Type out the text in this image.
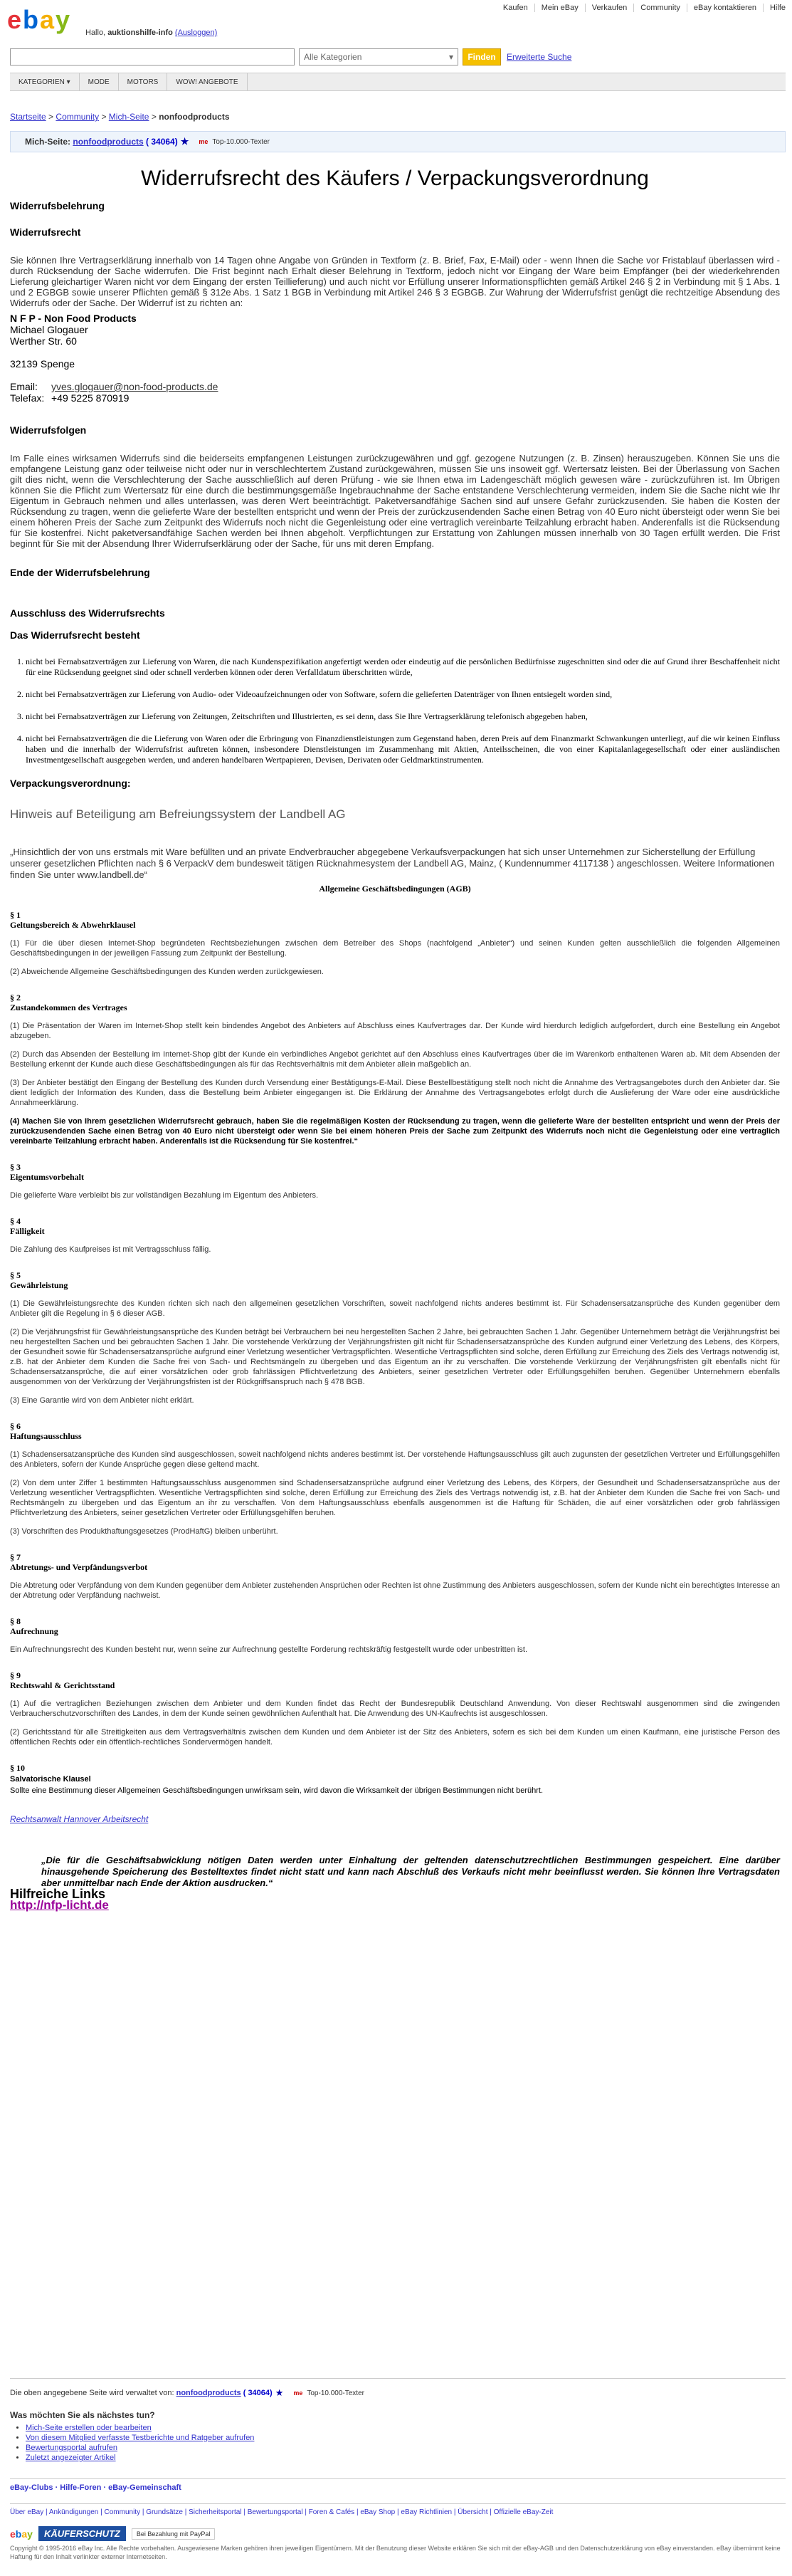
Kaufen	Mein eBay	Verkaufen	Community	eBay kontaktieren	Hilfe
e b a y Hallo, auktionshilfe-info (Ausloggen)
Alle Kategorien	▾	Finden	Erweiterte Suche
KATEGORIEN
▾	MODE	MOTORS	WOW! ANGEBOTE
Startseite > Community > Mich-Seite > nonfoodproducts
Mich-Seite:
nonfoodproducts
( 34064 ) ★ me Top-10.000-Texter
Widerrufsrecht des Käufers / Verpackungsverordnung
Widerrufsbelehrung
Widerrufsrecht

Sie können Ihre Vertragserklärung innerhalb von 14 Tagen ohne Angabe von Gründen in Textform (z. B. Brief, Fax, E-Mail) oder - wenn Ihnen die Sache vor Fristablauf überlassen wird - durch Rücksendung der Sache widerrufen. Die Frist beginnt nach Erhalt dieser Belehrung in Textform, jedoch nicht vor Eingang der Ware beim Empfänger (bei der wiederkehrenden Lieferung gleichartiger Waren nicht vor dem Eingang der ersten Teillieferung) und auch nicht vor Erfüllung unserer Informationspflichten gemäß Artikel 246 § 2 in Verbindung mit § 1 Abs. 1 und 2 EGBGB sowie unserer Pflichten gemäß § 312e Abs. 1 Satz 1 BGB in Verbindung mit Artikel 246 § 3 EGBGB. Zur Wahrung der Widerrufsfrist genügt die rechtzeitige Absendung des Widerrufs oder der Sache. Der Widerruf ist zu richten an:

N F P - Non Food Products
Michael Glogauer
Werther Str. 60

32139 Spenge

Email: yves.glogauer@non-food-products.de
Telefax: +49 5225 870919
Widerrufsfolgen

Im Falle eines wirksamen Widerrufs sind die beiderseits empfangenen Leistungen zurückzugewähren und ggf. gezogene Nutzungen (z. B. Zinsen) herauszugeben. Können Sie uns die empfangene Leistung ganz oder teilweise nicht oder nur in verschlechtertem Zustand zurückgewähren, müssen Sie uns insoweit ggf. Wertersatz leisten. Bei der Überlassung von Sachen gilt dies nicht, wenn die Verschlechterung der Sache ausschließlich auf deren Prüfung - wie sie Ihnen etwa im Ladengeschäft möglich gewesen wäre - zurückzuführen ist. Im Übrigen können Sie die Pflicht zum Wertersatz für eine durch die bestimmungsgemäße Ingebrauchnahme der Sache entstandene Verschlechterung vermeiden, indem Sie die Sache nicht wie Ihr Eigentum in Gebrauch nehmen und alles unterlassen, was deren Wert beeinträchtigt. Paketversandfähige Sachen sind auf unsere Gefahr zurückzusenden. Sie haben die Kosten der Rücksendung zu tragen, wenn die gelieferte Ware der bestellten entspricht und wenn der Preis der zurückzusendenden Sache einen Betrag von 40 Euro nicht übersteigt oder wenn Sie bei einem höheren Preis der Sache zum Zeitpunkt des Widerrufs noch nicht die Gegenleistung oder eine vertraglich vereinbarte Teilzahlung erbracht haben. Anderenfalls ist die Rücksendung für Sie kostenfrei. Nicht paketversandfähige Sachen werden bei Ihnen abgeholt. Verpflichtungen zur Erstattung von Zahlungen müssen innerhalb von 30 Tagen erfüllt werden. Die Frist beginnt für Sie mit der Absendung Ihrer Widerrufserklärung oder der Sache, für uns mit deren Empfang.

Ende der Widerrufsbelehrung
Ausschluss des Widerrufsrechts
Das Widerrufsrecht besteht
1. nicht bei Fernabsatzverträgen zur Lieferung von Waren, die nach Kundenspezifikation angefertigt werden oder eindeutig auf die persönlichen Bedürfnisse zugeschnitten sind oder die auf Grund ihrer Beschaffenheit nicht für eine Rücksendung geeignet sind oder schnell verderben können oder deren Verfalldatum überschritten würde,
2. nicht bei Fernabsatzverträgen zur Lieferung von Audio- oder Videoaufzeichnungen oder von Software, sofern die gelieferten Datenträger von Ihnen entsiegelt worden sind,
3. nicht bei Fernabsatzverträgen zur Lieferung von Zeitungen, Zeitschriften und Illustrierten, es sei denn, dass Sie Ihre Vertragserklärung telefonisch abgegeben haben,
4. nicht bei Fernabsatzverträgen die die Lieferung von Waren oder die Erbringung von Finanzdienstleistungen zum Gegenstand haben, deren Preis auf dem Finanzmarkt Schwankungen unterliegt, auf die wir keinen Einfluss haben und die innerhalb der Widerrufsfrist auftreten können, insbesondere Dienstleistungen im Zusammenhang mit Aktien, Anteilsscheinen, die von einer Kapitalanlagegesellschaft oder einer ausländischen Investmentgesellschaft ausgegeben werden, und anderen handelbaren Wertpapieren, Devisen, Derivaten oder Geldmarktinstrumenten.
Verpackungsverordnung:
Hinweis auf Beteiligung am Befreiungssystem der Landbell AG

„Hinsichtlich der von uns erstmals mit Ware befüllten und an private Endverbraucher abgegebene Verkaufsverpackungen hat sich unser Unternehmen zur Sicherstellung der Erfüllung unserer gesetzlichen Pflichten nach § 6 VerpackV dem bundesweit tätigen Rücknahmesystem der Landbell AG, Mainz, ( Kundennummer 4117138 ) angeschlossen. Weitere Informationen finden Sie unter www.landbell.de“

Allgemeine Geschäftsbedingungen (AGB)
§ 1
Geltungsbereich & Abwehrklausel

(1) Für die über diesen Internet-Shop begründeten Rechtsbeziehungen zwischen dem Betreiber des Shops (nachfolgend „Anbieter“) und seinen Kunden gelten ausschließlich die folgenden Allgemeinen Geschäftsbedingungen in der jeweiligen Fassung zum Zeitpunkt der Bestellung.

(2) Abweichende Allgemeine Geschäftsbedingungen des Kunden werden zurückgewiesen.

§ 2
Zustandekommen des Vertrages

(1) Die Präsentation der Waren im Internet-Shop stellt kein bindendes Angebot des Anbieters auf Abschluss eines Kaufvertrages dar. Der Kunde wird hierdurch lediglich aufgefordert, durch eine Bestellung ein Angebot abzugeben.

(2) Durch das Absenden der Bestellung im Internet-Shop gibt der Kunde ein verbindliches Angebot gerichtet auf den Abschluss eines Kaufvertrages über die im Warenkorb enthaltenen Waren ab. Mit dem Absenden der Bestellung erkennt der Kunde auch diese Geschäftsbedingungen als für das Rechtsverhältnis mit dem Anbieter allein maßgeblich an.

(3) Der Anbieter bestätigt den Eingang der Bestellung des Kunden durch Versendung einer Bestätigungs-E-Mail. Diese Bestellbestätigung stellt noch nicht die Annahme des Vertragsangebotes durch den Anbieter dar. Sie dient lediglich der Information des Kunden, dass die Bestellung beim Anbieter eingegangen ist. Die Erklärung der Annahme des Vertragsangebotes erfolgt durch die Auslieferung der Ware oder eine ausdrückliche Annahmeerklärung.

(4) Machen Sie von Ihrem gesetzlichen Widerrufsrecht gebrauch, haben Sie die regelmäßigen Kosten der Rücksendung zu tragen, wenn die gelieferte Ware der bestellten entspricht und wenn der Preis der zurückzusendenden Sache einen Betrag von 40 Euro nicht übersteigt oder wenn Sie bei einem höheren Preis der Sache zum Zeitpunkt des Widerrufs noch nicht die Gegenleistung oder eine vertraglich vereinbarte Teilzahlung erbracht haben. Anderenfalls ist die Rücksendung für Sie kostenfrei.“

§ 3
Eigentumsvorbehalt

Die gelieferte Ware verbleibt bis zur vollständigen Bezahlung im Eigentum des Anbieters.

§ 4
Fälligkeit

Die Zahlung des Kaufpreises ist mit Vertragsschluss fällig.

§ 5
Gewährleistung

(1) Die Gewährleistungsrechte des Kunden richten sich nach den allgemeinen gesetzlichen Vorschriften, soweit nachfolgend nichts anderes bestimmt ist. Für Schadensersatzansprüche des Kunden gegenüber dem Anbieter gilt die Regelung in § 6 dieser AGB.

(2) Die Verjährungsfrist für Gewährleistungsansprüche des Kunden beträgt bei Verbrauchern bei neu hergestellten Sachen 2 Jahre, bei gebrauchten Sachen 1 Jahr. Gegenüber Unternehmern beträgt die Verjährungsfrist bei neu hergestellten Sachen und bei gebrauchten Sachen 1 Jahr. Die vorstehende Verkürzung der Verjährungsfristen gilt nicht für Schadensersatzansprüche des Kunden aufgrund einer Verletzung des Lebens, des Körpers, der Gesundheit sowie für Schadensersatzansprüche aufgrund einer Verletzung wesentlicher Vertragspflichten. Wesentliche Vertragspflichten sind solche, deren Erfüllung zur Erreichung des Ziels des Vertrags notwendig ist, z.B. hat der Anbieter dem Kunden die Sache frei von Sach- und Rechtsmängeln zu übergeben und das Eigentum an ihr zu verschaffen. Die vorstehende Verkürzung der Verjährungsfristen gilt ebenfalls nicht für Schadensersatzansprüche, die auf einer vorsätzlichen oder grob fahrlässigen Pflichtverletzung des Anbieters, seiner gesetzlichen Vertreter oder Erfüllungsgehilfen beruhen. Gegenüber Unternehmern ebenfalls ausgenommen von der Verkürzung der Verjährungsfristen ist der Rückgriffsanspruch nach § 478 BGB.

(3) Eine Garantie wird von dem Anbieter nicht erklärt.

§ 6
Haftungsausschluss

(1) Schadensersatzansprüche des Kunden sind ausgeschlossen, soweit nachfolgend nichts anderes bestimmt ist. Der vorstehende Haftungsausschluss gilt auch zugunsten der gesetzlichen Vertreter und Erfüllungsgehilfen des Anbieters, sofern der Kunde Ansprüche gegen diese geltend macht.

(2) Von dem unter Ziffer 1 bestimmten Haftungsausschluss ausgenommen sind Schadensersatzansprüche aufgrund einer Verletzung des Lebens, des Körpers, der Gesundheit und Schadensersatzansprüche aus der Verletzung wesentlicher Vertragspflichten. Wesentliche Vertragspflichten sind solche, deren Erfüllung zur Erreichung des Ziels des Vertrags notwendig ist, z.B. hat der Anbieter dem Kunden die Sache frei von Sach- und Rechtsmängeln zu übergeben und das Eigentum an ihr zu verschaffen. Von dem Haftungsausschluss ebenfalls ausgenommen ist die Haftung für Schäden, die auf einer vorsätzlichen oder grob fahrlässigen Pflichtverletzung des Anbieters, seiner gesetzlichen Vertreter oder Erfüllungsgehilfen beruhen.

(3) Vorschriften des Produkthaftungsgesetzes (ProdHaftG) bleiben unberührt.

§ 7
Abtretungs- und Verpfändungsverbot

Die Abtretung oder Verpfändung von dem Kunden gegenüber dem Anbieter zustehenden Ansprüchen oder Rechten ist ohne Zustimmung des Anbieters ausgeschlossen, sofern der Kunde nicht ein berechtigtes Interesse an der Abtretung oder Verpfändung nachweist.

§ 8
Aufrechnung

Ein Aufrechnungsrecht des Kunden besteht nur, wenn seine zur Aufrechnung gestellte Forderung rechtskräftig festgestellt wurde oder unbestritten ist.

§ 9
Rechtswahl & Gerichtsstand

(1) Auf die vertraglichen Beziehungen zwischen dem Anbieter und dem Kunden findet das Recht der Bundesrepublik Deutschland Anwendung. Von dieser Rechtswahl ausgenommen sind die zwingenden Verbraucherschutzvorschriften des Landes, in dem der Kunde seinen gewöhnlichen Aufenthalt hat. Die Anwendung des UN-Kaufrechts ist ausgeschlossen.

(2) Gerichtsstand für alle Streitigkeiten aus dem Vertragsverhältnis zwischen dem Kunden und dem Anbieter ist der Sitz des Anbieters, sofern es sich bei dem Kunden um einen Kaufmann, eine juristische Person des öffentlichen Rechts oder ein öffentlich-rechtliches Sondervermögen handelt.

§ 10
Salvatorische Klausel
Sollte eine Bestimmung dieser Allgemeinen Geschäftsbedingungen unwirksam sein, wird davon die Wirksamkeit der übrigen Bestimmungen nicht berührt.
Rechtsanwalt Hannover Arbeitsrecht

„Die für die Geschäftsabwicklung nötigen Daten werden unter Einhaltung der geltenden datenschutzrechtlichen Bestimmungen gespeichert. Eine darüber hinausgehende Speicherung des Bestelltextes findet nicht statt und kann nach Abschluß des Verkaufs nicht mehr beeinflusst werden. Sie können Ihre Vertragsdaten aber unmittelbar nach Ende der Aktion ausdrucken.“

Hilfreiche Links
http://nfp-licht.de
Die oben angegebene Seite wird verwaltet von:
nonfoodproducts
( 34064 ) ★ me Top-10.000-Texter
Was möchten Sie als nächstes tun?
• Mich-Seite erstellen oder bearbeiten
• Von diesem Mitglied verfasste Testberichte und Ratgeber aufrufen
• Bewertungsportal aufrufen
• Zuletzt angezeigter Artikel
eBay-Clubs · Hilfe-Foren · eBay-Gemeinschaft
Über eBay | Ankündigungen | Community | Grundsätze | Sicherheitsportal | Bewertungsportal | Foren & Cafés | eBay Shop | eBay Richtlinien | Übersicht | Offizielle eBay-Zeit
ebay	KÄUFERSCHUTZ	Bei Bezahlung mit PayPal
Copyright © 1995-2016 eBay Inc. Alle Rechte vorbehalten. Ausgewiesene Marken gehören ihren jeweiligen Eigentümern. Mit der Benutzung dieser Website erklären Sie sich mit der eBay-AGB und den Datenschutzerklärung von eBay einverstanden. eBay übernimmt keine Haftung für den Inhalt verlinkter externer Internetseiten.
